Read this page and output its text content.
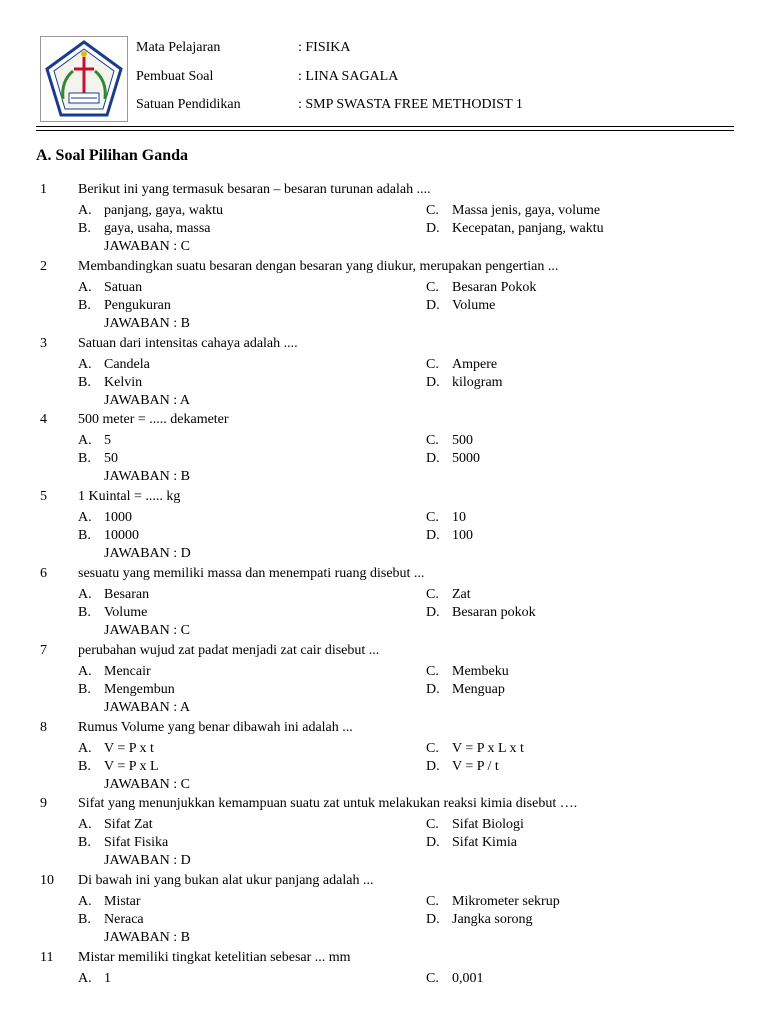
Mata Pelajaran	: FISIKA
Pembuat Soal	: LINA SAGALA
Satuan Pendidikan	: SMP SWASTA FREE METHODIST 1
A. Soal Pilihan Ganda
1	Berikut ini yang termasuk besaran – besaran turunan adalah ....
A. panjang, gaya, waktu
B. gaya, usaha, massa
C. Massa jenis, gaya, volume
D. Kecepatan, panjang, waktu
JAWABAN : C
2	Membandingkan suatu besaran dengan besaran yang diukur, merupakan pengertian ...
A. Satuan
B. Pengukuran
C. Besaran Pokok
D. Volume
JAWABAN : B
3	Satuan dari intensitas cahaya adalah ....
A. Candela
B. Kelvin
C. Ampere
D. kilogram
JAWABAN : A
4	500 meter = ..... dekameter
A. 5
B. 50
C. 500
D. 5000
JAWABAN : B
5	1 Kuintal = ..... kg
A. 1000
B. 10000
C. 10
D. 100
JAWABAN : D
6	sesuatu yang memiliki massa dan menempati ruang disebut ...
A. Besaran
B. Volume
C. Zat
D. Besaran pokok
JAWABAN : C
7	perubahan wujud zat padat menjadi zat cair disebut ...
A. Mencair
B. Mengembun
C. Membeku
D. Menguap
JAWABAN : A
8	Rumus Volume yang benar dibawah ini adalah ...
A. V = P x t
B. V = P x L
C. V = P x L x t
D. V = P / t
JAWABAN : C
9	Sifat yang menunjukkan kemampuan suatu zat untuk melakukan reaksi kimia disebut ….
A. Sifat Zat
B. Sifat Fisika
C. Sifat Biologi
D. Sifat Kimia
JAWABAN : D
10	Di bawah ini yang bukan alat ukur panjang adalah ...
A. Mistar
B. Neraca
C. Mikrometer sekrup
D. Jangka sorong
JAWABAN : B
11	Mistar memiliki tingkat ketelitian sebesar ... mm
A. 1	C. 0,001
